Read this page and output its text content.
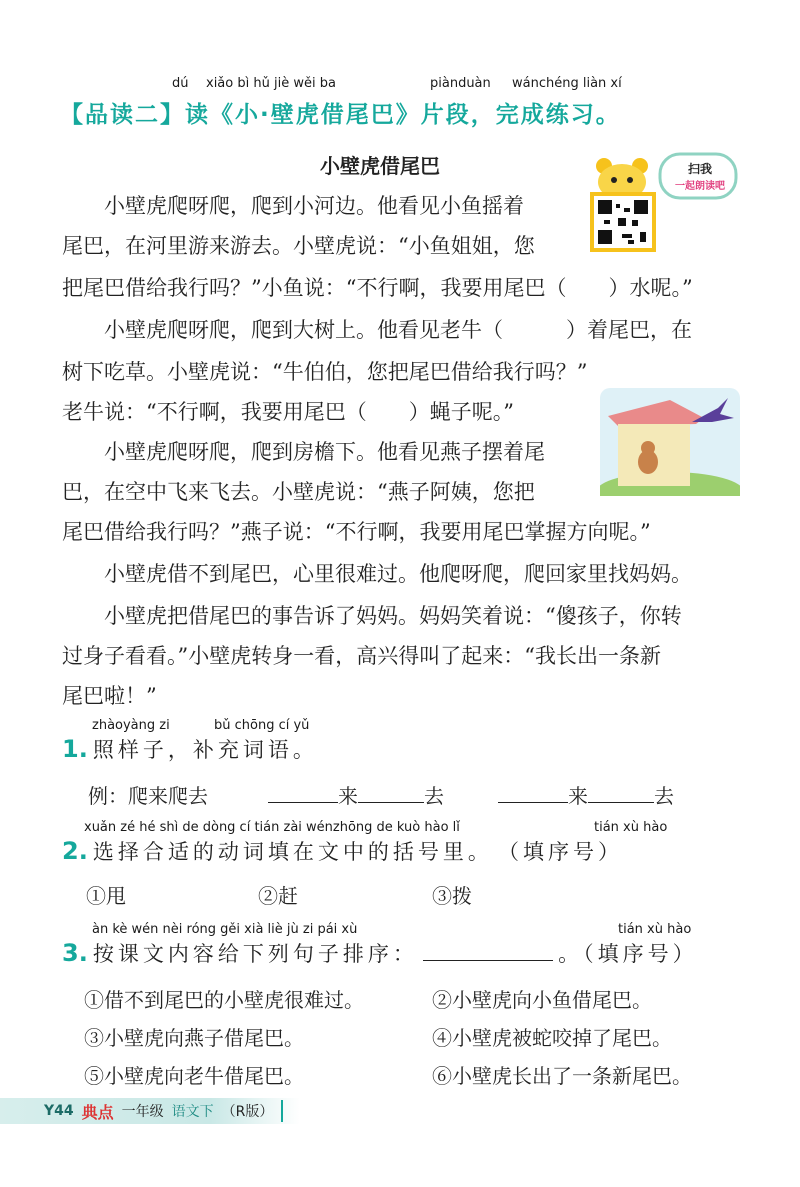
dú xiǎo bì hǔ jiè wěi ba	piànduàn wánchéng liàn xí
【品读二】读《小·壁虎借尾巴》片段，完成练习。
扫我
一起朗读吧
小壁虎借尾巴
　　小壁虎爬呀爬，爬到小河边。他看见小鱼摇着
尾巴，在河里游来游去。小壁虎说：“小鱼姐姐，您
把尾巴借给我行吗？”小鱼说：“不行啊，我要用尾巴（　　）水呢。”
　　小壁虎爬呀爬，爬到大树上。他看见老牛（　　　）着尾巴，在
树下吃草。小壁虎说：“牛伯伯，您把尾巴借给我行吗？”
老牛说：“不行啊，我要用尾巴（　　）蝇子呢。”
　　小壁虎爬呀爬，爬到房檐下。他看见燕子摆着尾
巴，在空中飞来飞去。小壁虎说：“燕子阿姨，您把
尾巴借给我行吗？”燕子说：“不行啊，我要用尾巴掌握方向呢。”
　　小壁虎借不到尾巴，心里很难过。他爬呀爬，爬回家里找妈妈。
　　小壁虎把借尾巴的事告诉了妈妈。妈妈笑着说：“傻孩子，你转
过身子看看。”小壁虎转身一看，高兴得叫了起来：“我长出一条新
尾巴啦！”
zhàoyàng zi	bǔ chōng cí yǔ
1. 照样子，补充词语。
例：爬来爬去	来	去	来	去
xuǎn zé hé shì de dòng cí tián zài wénzhōng de kuò hào lǐ	tián xù hào
2. 选择合适的动词填在文中的括号里。 （填序号）
①甩	②赶	③拨
àn kè wén nèi róng gěi xià liè jù zi pái xù	tián xù hào
3. 按课文内容给下列句子排序：	。（填序号）
①借不到尾巴的小壁虎很难过。	②小壁虎向小鱼借尾巴。
③小壁虎向燕子借尾巴。	④小壁虎被蛇咬掉了尾巴。
⑤小壁虎向老牛借尾巴。	⑥小壁虎长出了一条新尾巴。
Y44 典点 一年级 语文下 （R版）
